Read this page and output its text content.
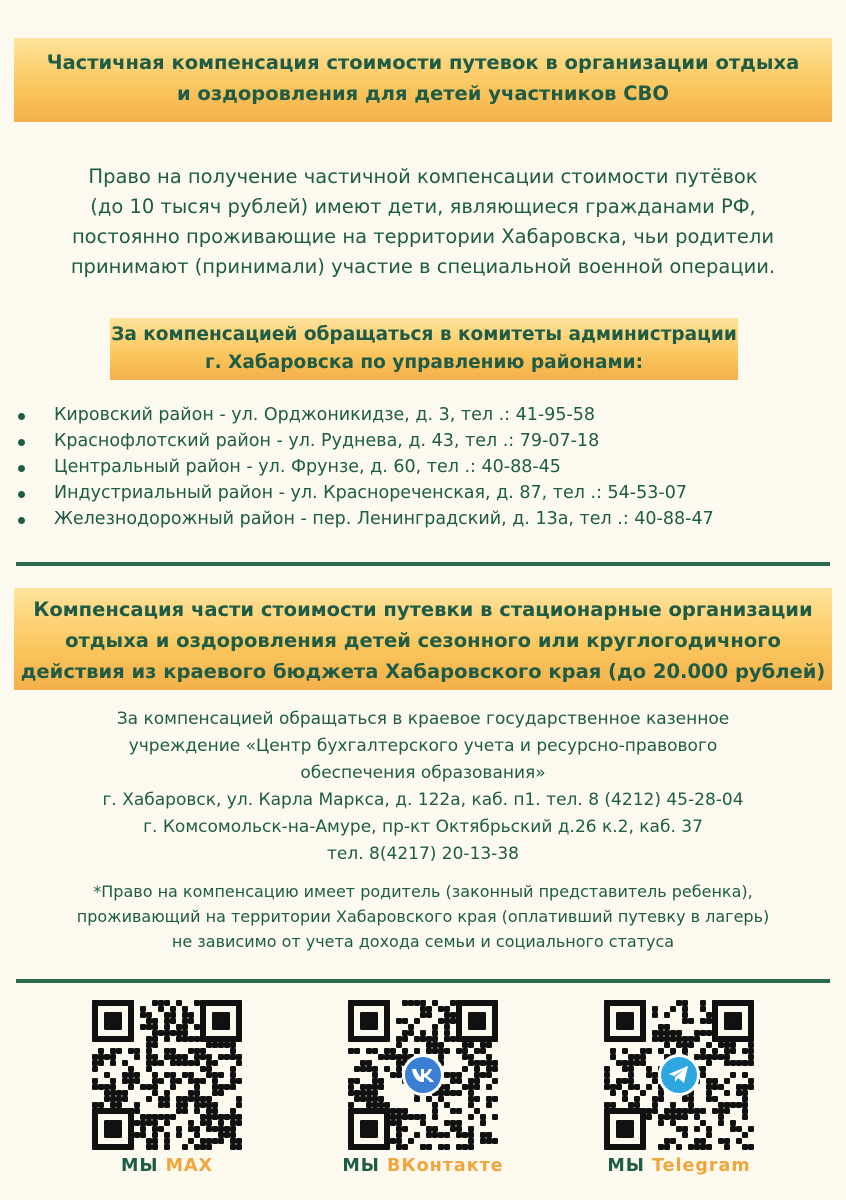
Частичная компенсация стоимости путевок в организации отдыха
и оздоровления для детей участников СВО
Право на получение частичной компенсации стоимости путёвок
(до 10 тысяч рублей) имеют дети, являющиеся гражданами РФ,
постоянно проживающие на территории Хабаровска, чьи родители
принимают (принимали) участие в специальной военной операции.
За компенсацией обращаться в комитеты администрации
г. Хабаровска по управлению районами:
Кировский район - ул. Орджоникидзе, д. 3, тел .: 41-95-58
Краснофлотский район - ул. Руднева, д. 43, тел .: 79-07-18
Центральный район - ул. Фрунзе, д. 60, тел .: 40-88-45
Индустриальный район - ул. Краснореченская, д. 87, тел .: 54-53-07
Железнодорожный район - пер. Ленинградский, д. 13а, тел .: 40-88-47
Компенсация части стоимости путевки в стационарные организации
отдыха и оздоровления детей сезонного или круглогодичного
действия из краевого бюджета Хабаровского края (до 20.000 рублей)
За компенсацией обращаться в краевое государственное казенное
учреждение «Центр бухгалтерского учета и ресурсно-правового
обеспечения образования»
г. Хабаровск, ул. Карла Маркса, д. 122а, каб. п1. тел. 8 (4212) 45-28-04
г. Комсомольск-на-Амуре, пр-кт Октябрьский д.26 к.2, каб. 37
тел. 8(4217) 20-13-38
*Право на компенсацию имеет родитель (законный представитель ребенка),
проживающий на территории Хабаровского края (оплативший путевку в лагерь)
не зависимо от учета дохода семьи и социального статуса
МЫ MAX	МЫ ВКонтакте	МЫ Telegram
